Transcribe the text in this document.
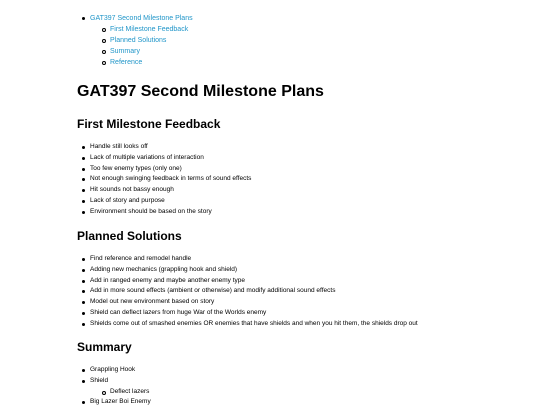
GAT397 Second Milestone Plans
First Milestone Feedback
Planned Solutions
Summary
Reference
GAT397 Second Milestone Plans
First Milestone Feedback
Handle still looks off
Lack of multiple variations of interaction
Too few enemy types (only one)
Not enough swinging feedback in terms of sound effects
Hit sounds not bassy enough
Lack of story and purpose
Environment should be based on the story
Planned Solutions
Find reference and remodel handle
Adding new mechanics (grappling hook and shield)
Add in ranged enemy and maybe another enemy type
Add in more sound effects (ambient or otherwise) and modify additional sound effects
Model out new environment based on story
Shield can deflect lazers from huge War of the Worlds enemy
Shields come out of smashed enemies OR enemies that have shields and when you hit them, the shields drop out
Summary
Grappling Hook
Shield
Deflect lazers
Big Lazer Boi Enemy
